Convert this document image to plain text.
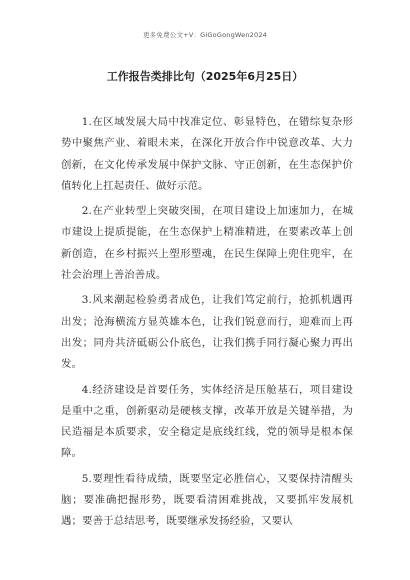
更多免费公文+V：GiGoGongWen2024
工作报告类排比句（2025年6月25日）

1.在区域发展大局中找准定位、彰显特色，在错综复杂形势中聚焦产业、着眼未来，在深化开放合作中锐意改革、大力创新，在文化传承发展中保护文脉、守正创新，在生态保护价值转化上扛起责任、做好示范。

2.在产业转型上突破突围，在项目建设上加速加力，在城市建设上提质提能，在生态保护上精准精进，在要素改革上创新创造，在乡村振兴上塑形塑魂，在民生保障上兜住兜牢，在社会治理上善治善成。

3.风来潮起检验勇者成色，让我们笃定前行，抢抓机遇再出发；沧海横流方显英雄本色，让我们锐意而行，迎难而上再出发；同舟共济砥砺公仆底色，让我们携手同行凝心聚力再出发。

4.经济建设是首要任务，实体经济是压舱基石，项目建设是重中之重，创新驱动是硬核支撑，改革开放是关键举措，为民造福是本质要求，安全稳定是底线红线，党的领导是根本保障。

5.要理性看待成绩，既要坚定必胜信心，又要保持清醒头脑；要准确把握形势，既要看清困难挑战，又要抓牢发展机遇；要善于总结思考，既要继承发扬经验，又要认
